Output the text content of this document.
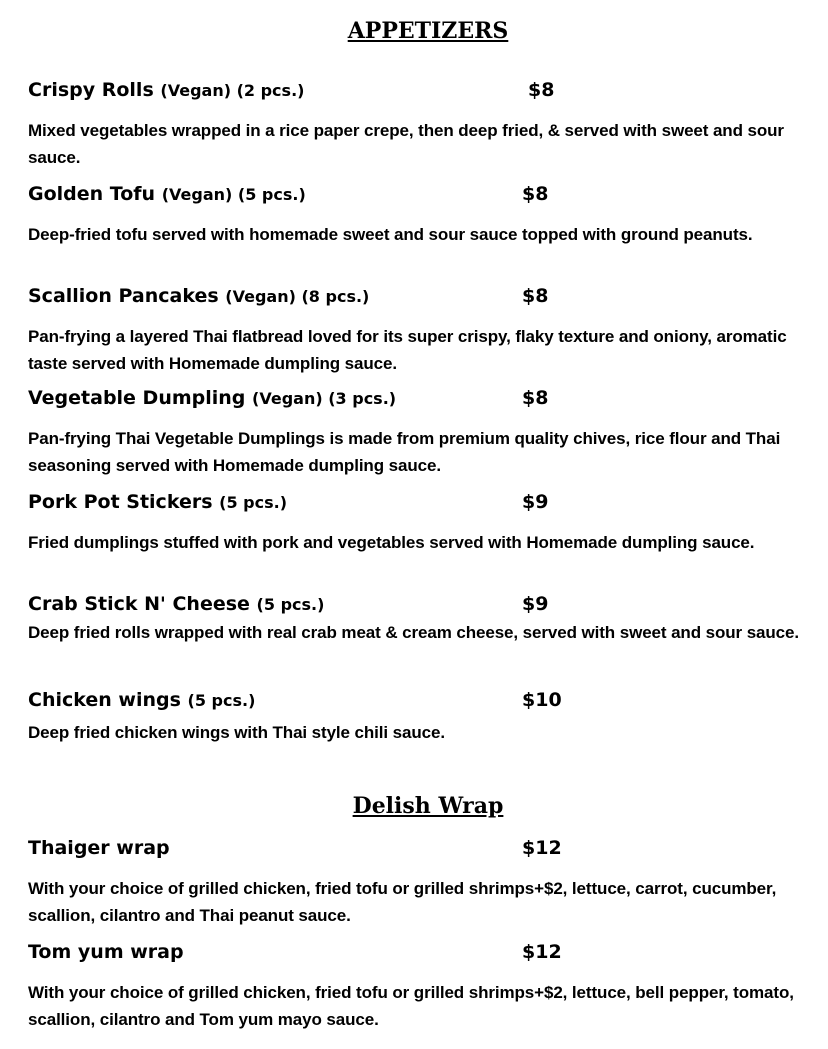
APPETIZERS
Crispy Rolls (Vegan) (2 pcs.)	$8
Mixed vegetables wrapped in a rice paper crepe, then deep fried, & served with sweet and sour sauce.
Golden Tofu (Vegan) (5 pcs.)	$8
Deep-fried tofu served with homemade sweet and sour sauce topped with ground peanuts.
Scallion Pancakes (Vegan) (8 pcs.)	$8
Pan-frying a layered Thai flatbread loved for its super crispy, flaky texture and oniony, aromatic taste served with Homemade dumpling sauce.
Vegetable Dumpling (Vegan) (3 pcs.)	$8
Pan-frying Thai Vegetable Dumplings is made from premium quality chives, rice flour and Thai seasoning served with Homemade dumpling sauce.
Pork Pot Stickers (5 pcs.)	$9
Fried dumplings stuffed with pork and vegetables served with Homemade dumpling sauce.
Crab Stick N' Cheese (5 pcs.)	$9
Deep fried rolls wrapped with real crab meat & cream cheese, served with sweet and sour sauce.
Chicken wings (5 pcs.)	$10
Deep fried chicken wings with Thai style chili sauce.
Delish Wrap
Thaiger wrap	$12
With your choice of grilled chicken, fried tofu or grilled shrimps+$2, lettuce, carrot, cucumber, scallion, cilantro and Thai peanut sauce.
Tom yum wrap	$12
With your choice of grilled chicken, fried tofu or grilled shrimps+$2, lettuce, bell pepper, tomato, scallion, cilantro and Tom yum mayo sauce.
